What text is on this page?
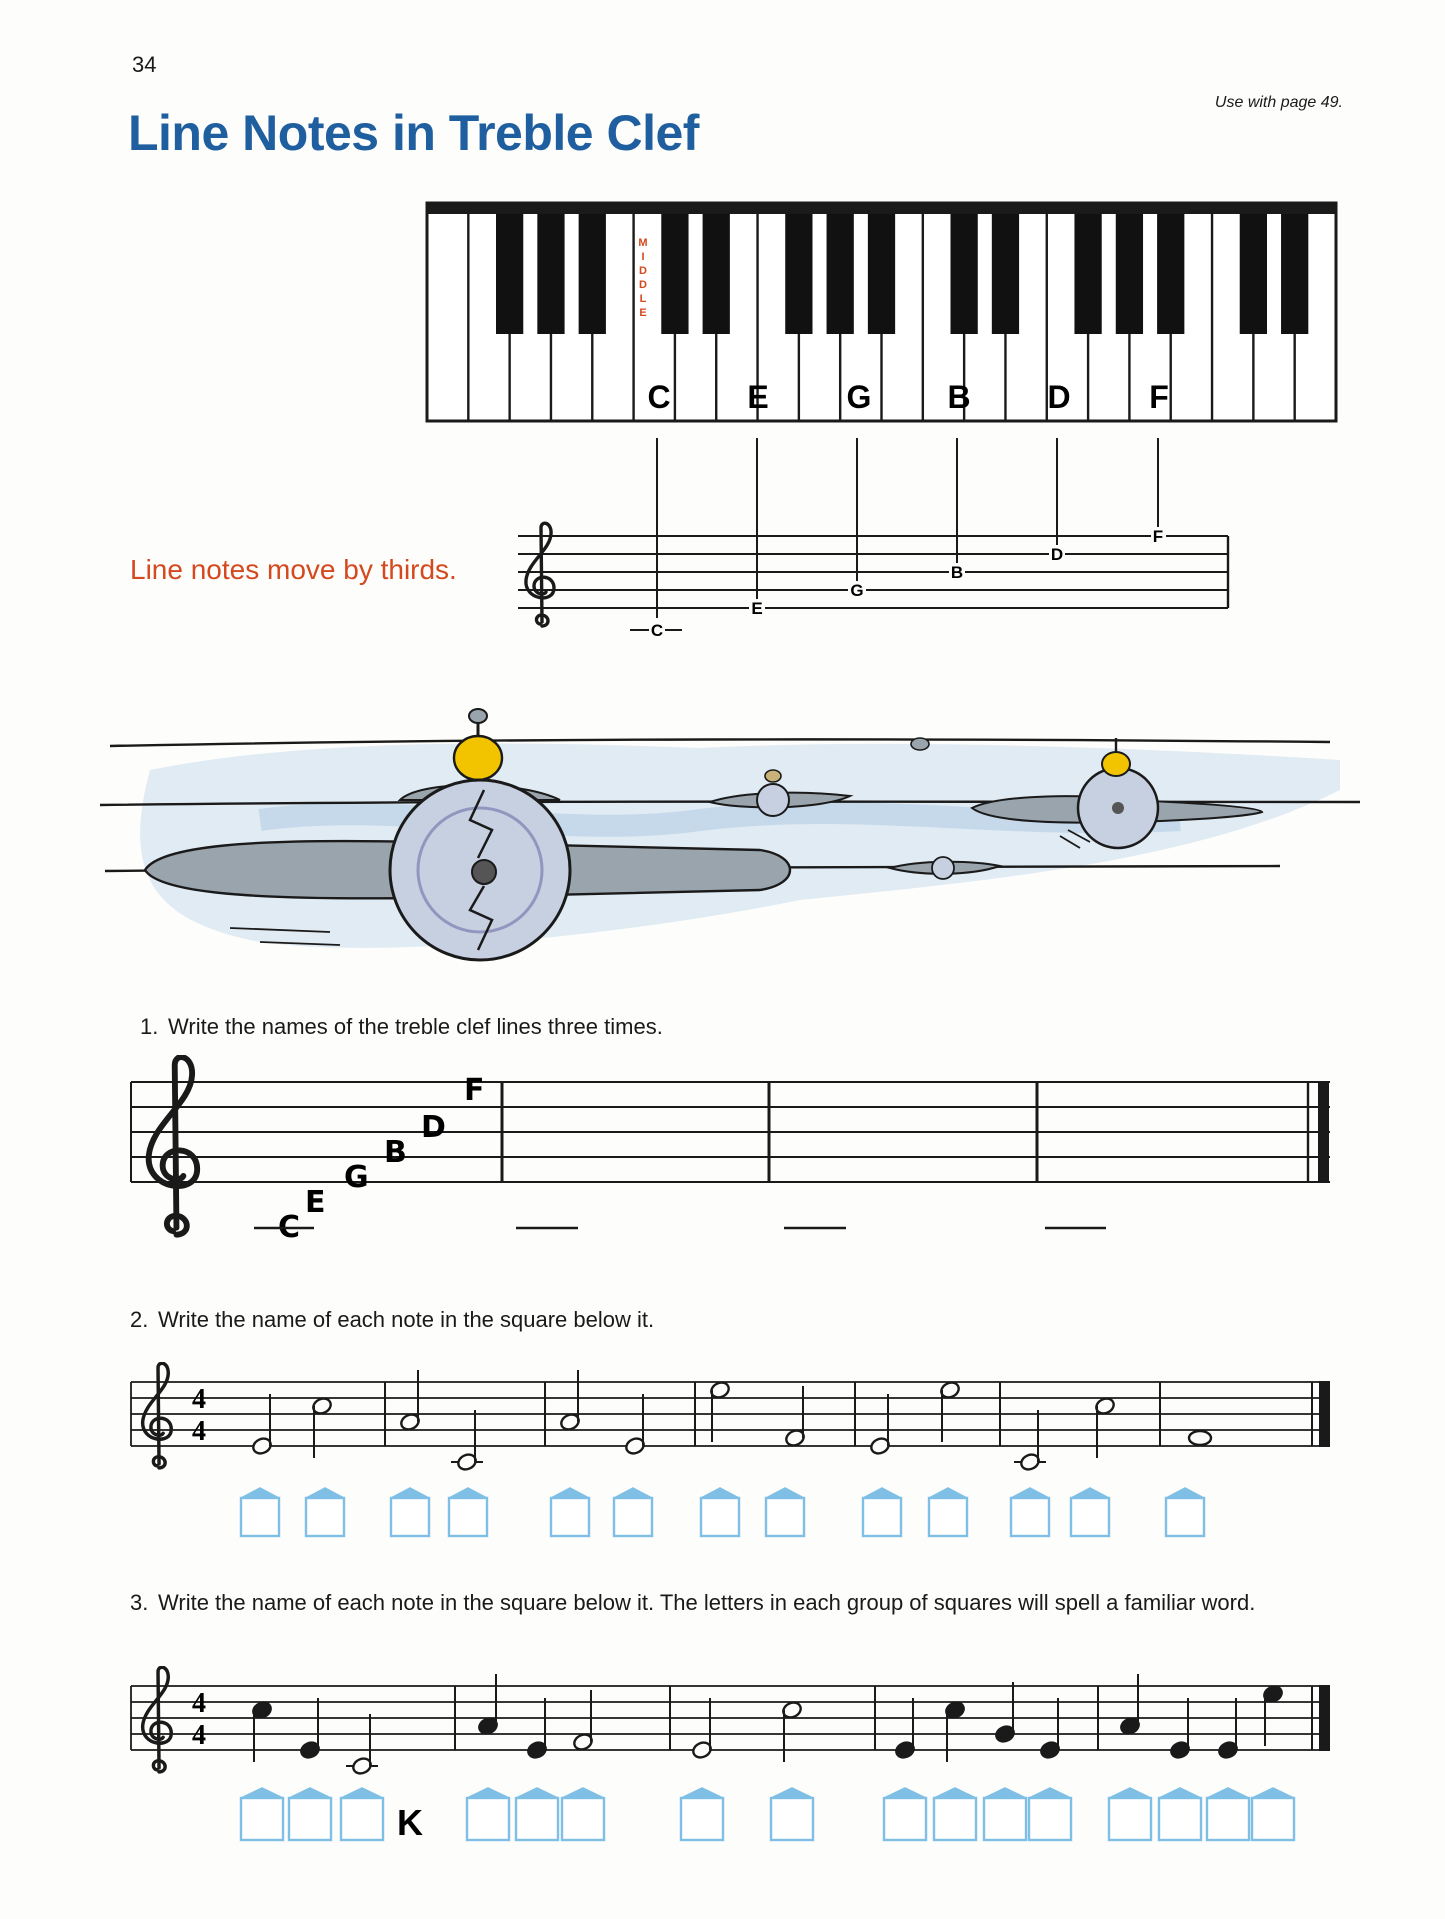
34
Use with page 49.
Line Notes in Treble Clef
Line notes move by thirds.
1. Write the names of the treble clef lines three times.
2. Write the name of each note in the square below it.
3. Write the name of each note in the square below it. The letters in each group of squares will spell a familiar word.
M I D D L E
C E G B D F
C
E
G
B
D
F
C
E
G
B
D
F
4
4
4
4
K
